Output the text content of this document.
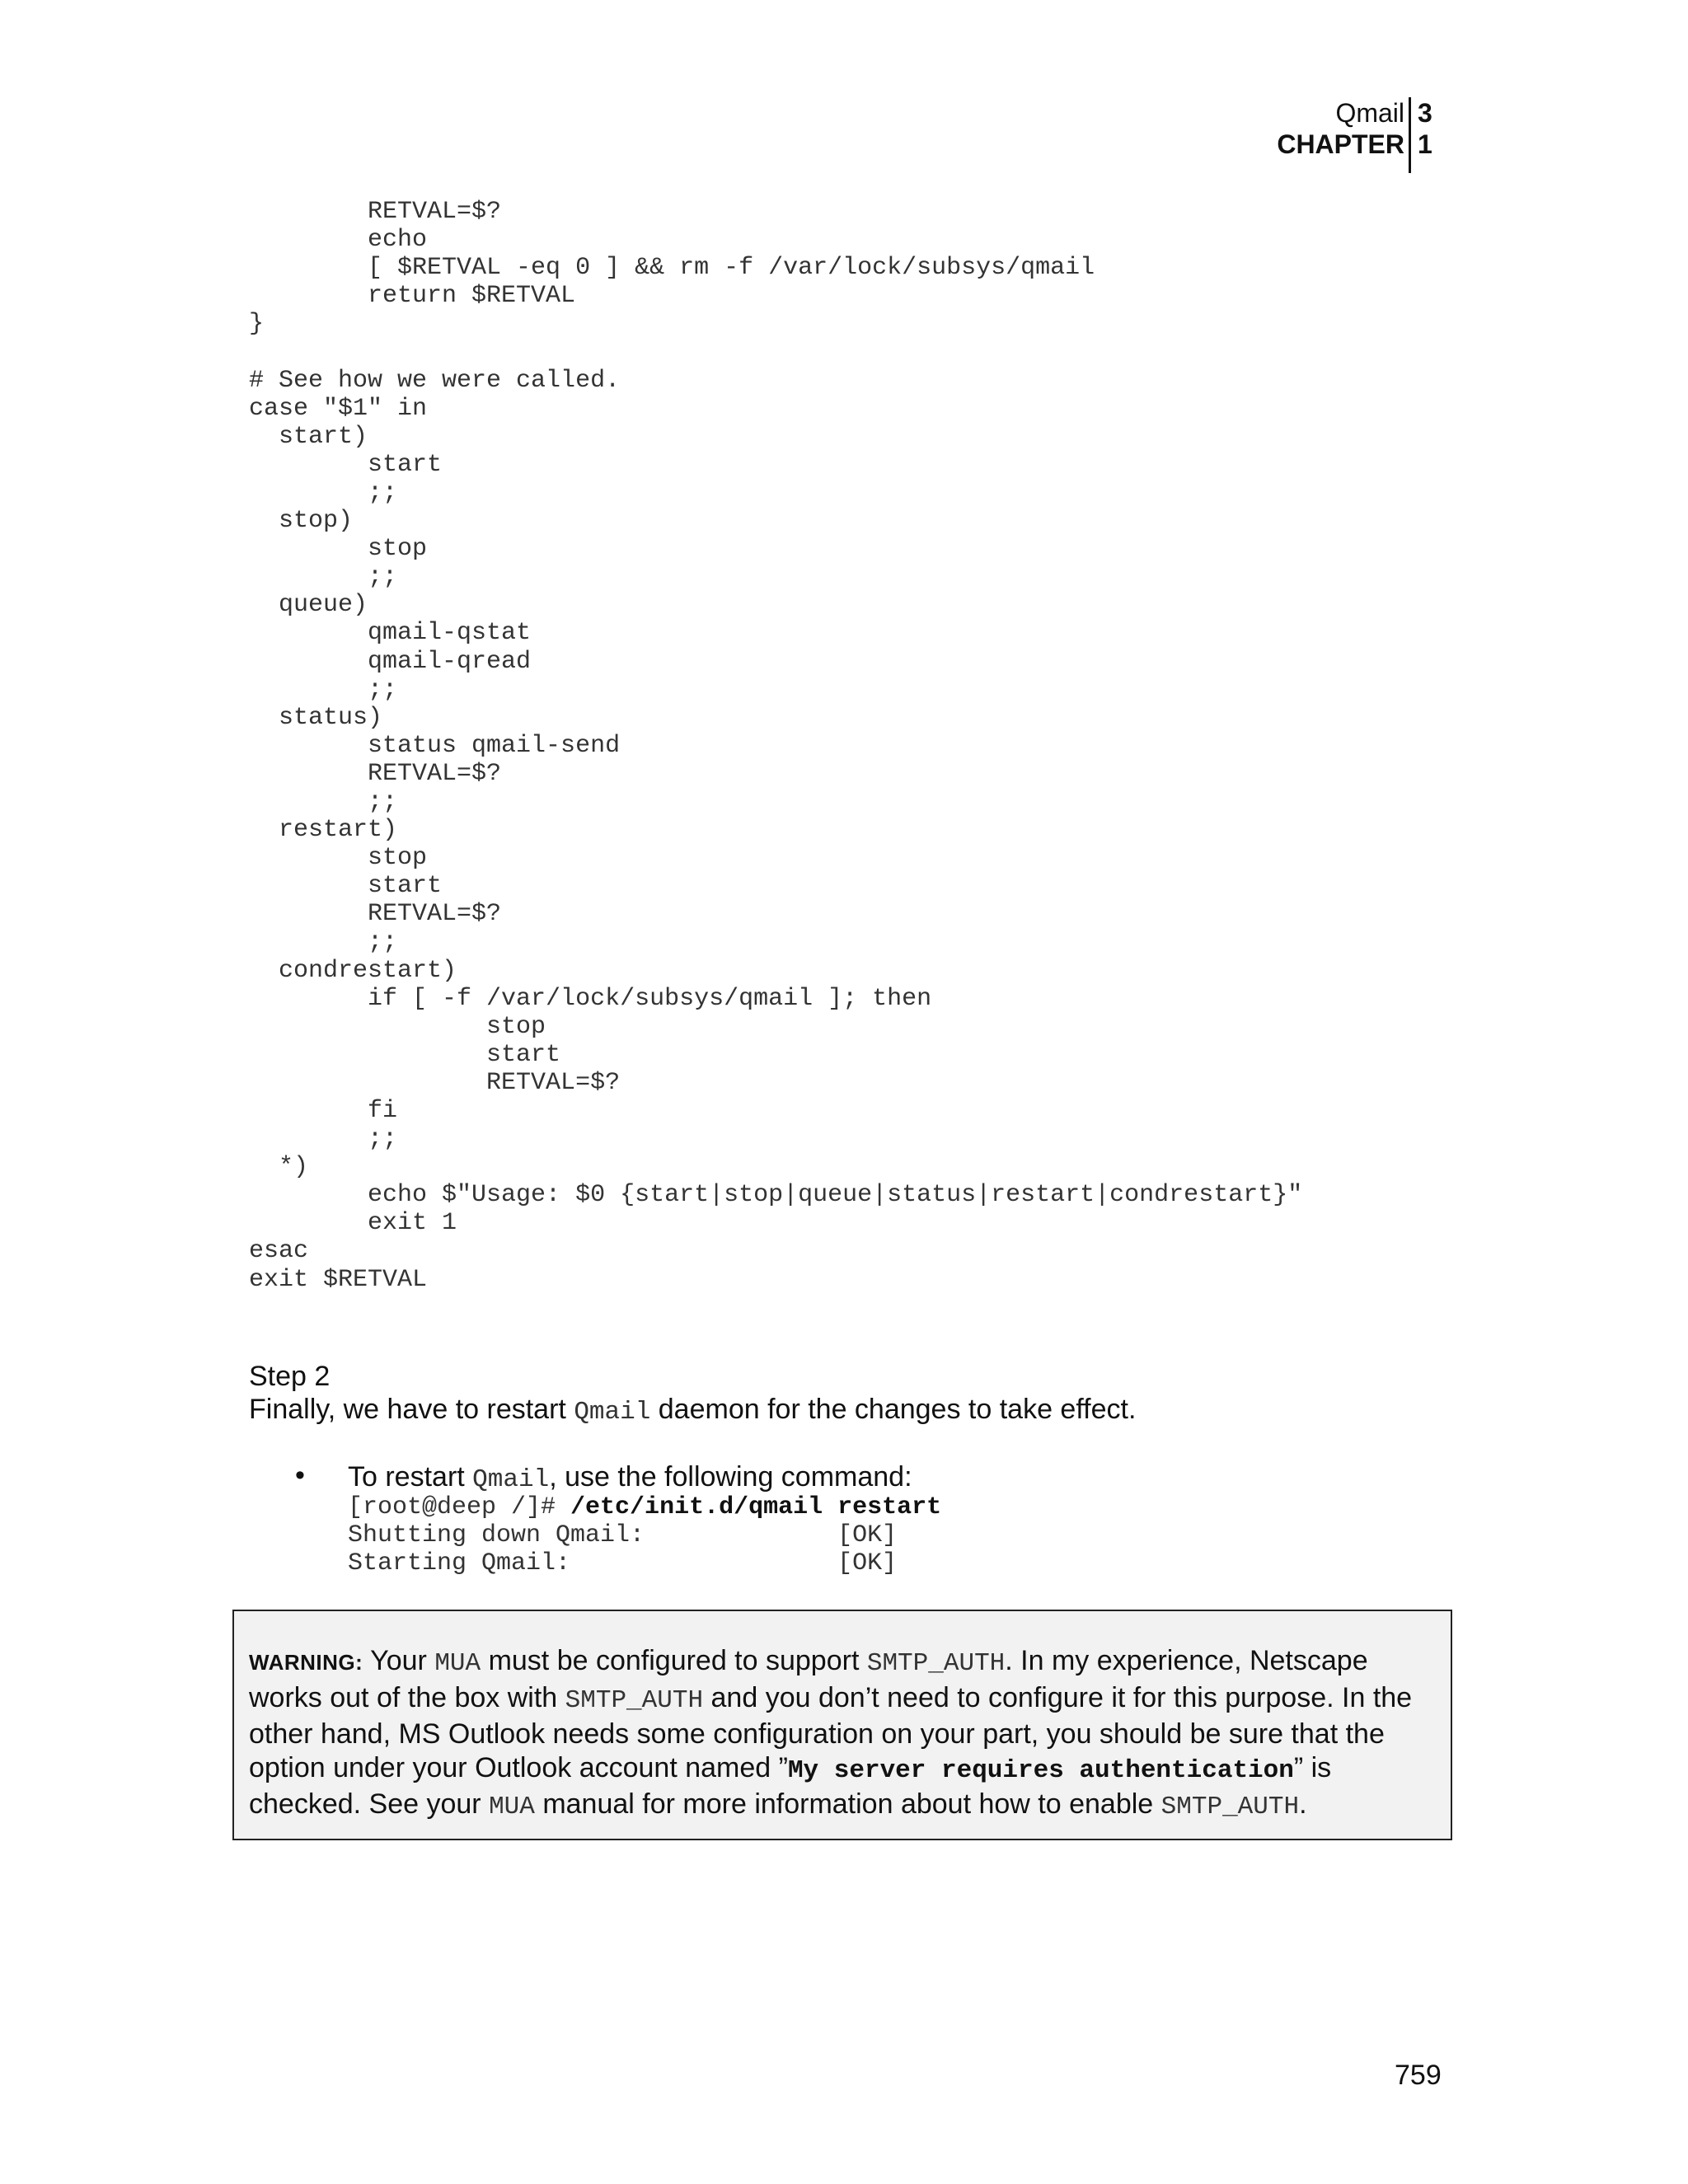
Qmail
CHAPTER
3
1
RETVAL=$?
echo
[ $RETVAL -eq 0 ] && rm -f /var/lock/subsys/qmail
return $RETVAL
}

# See how we were called.
case "$1" in
start)
start
;;
stop)
stop
;;
queue)
qmail-qstat
qmail-qread
;;
status)
status qmail-send
RETVAL=$?
;;
restart)
stop
start
RETVAL=$?
;;
condrestart)
if [ -f /var/lock/subsys/qmail ]; then
stop
start
RETVAL=$?
fi
;;
*)
echo $"Usage: $0 {start|stop|queue|status|restart|condrestart}"
exit 1
esac
exit $RETVAL
Step 2
Finally, we have to restart Qmail daemon for the changes to take effect.
• To restart Qmail, use the following command:
[root@deep /]# /etc/init.d/qmail restart
Shutting down Qmail:             [OK]
Starting Qmail:                  [OK]
WARNING: Your MUA must be configured to support SMTP_AUTH. In my experience, Netscape works out of the box with SMTP_AUTH and you don’t need to configure it for this purpose. In the other hand, MS Outlook needs some configuration on your part, you should be sure that the option under your Outlook account named ”My server requires authentication” is checked. See your MUA manual for more information about how to enable SMTP_AUTH.
759
